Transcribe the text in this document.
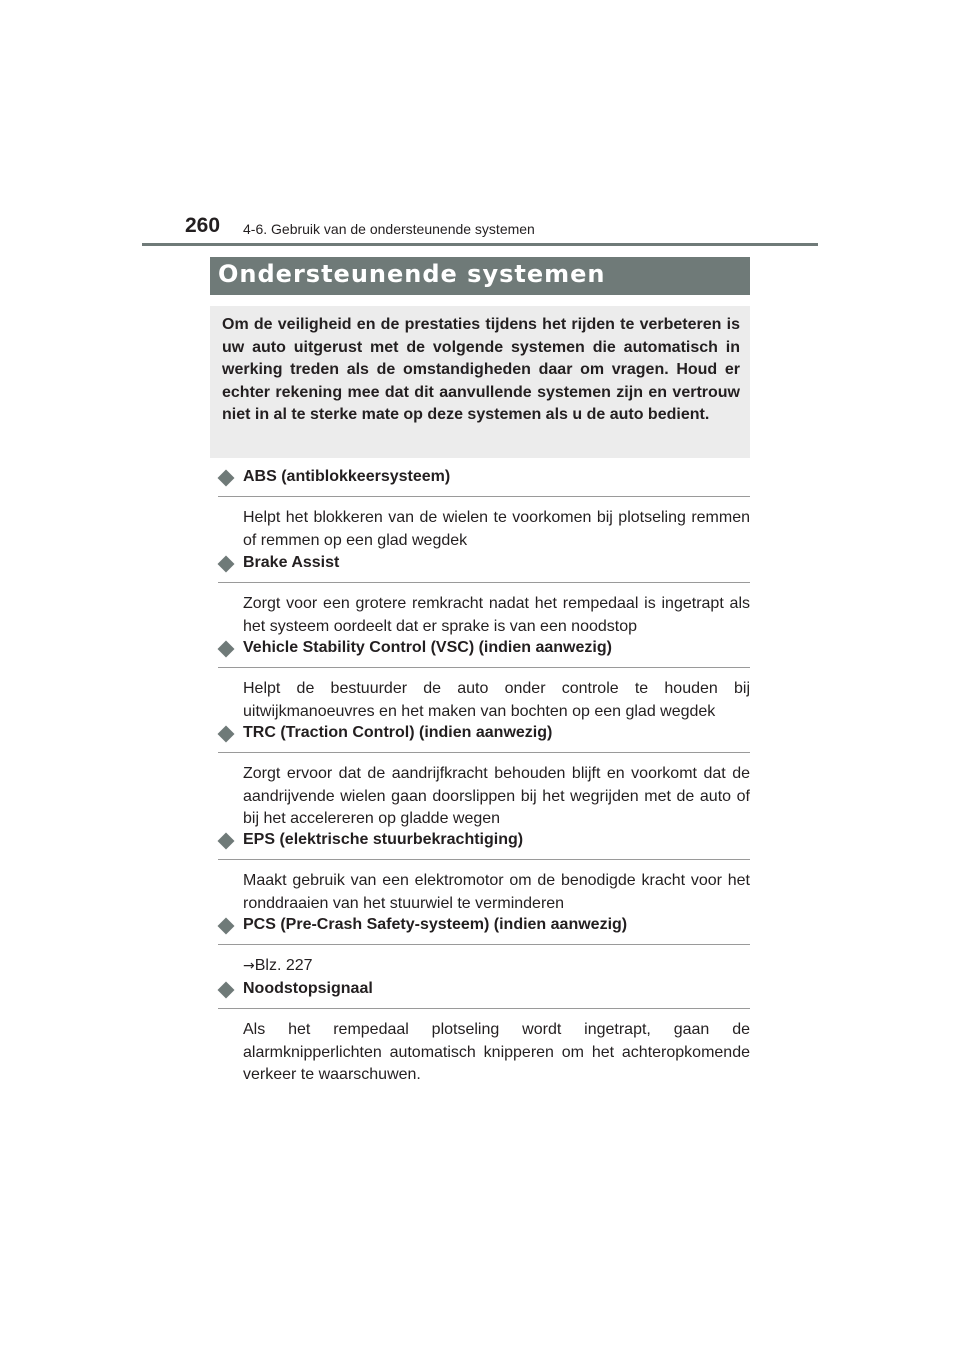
260 4-6. Gebruik van de ondersteunende systemen
Ondersteunende systemen
Om de veiligheid en de prestaties tijdens het rijden te verbeteren is uw auto uitgerust met de volgende systemen die automatisch in werking treden als de omstandigheden daar om vragen. Houd er echter rekening mee dat dit aanvullende systemen zijn en vertrouw niet in al te sterke mate op deze systemen als u de auto bedient.
ABS (antiblokkeersysteem)
Helpt het blokkeren van de wielen te voorkomen bij plotseling remmen of remmen op een glad wegdek
Brake Assist
Zorgt voor een grotere remkracht nadat het rempedaal is ingetrapt als het systeem oordeelt dat er sprake is van een noodstop
Vehicle Stability Control (VSC) (indien aanwezig)
Helpt de bestuurder de auto onder controle te houden bij uitwijkmanoeuvres en het maken van bochten op een glad wegdek
TRC (Traction Control) (indien aanwezig)
Zorgt ervoor dat de aandrijfkracht behouden blijft en voorkomt dat de aandrijvende wielen gaan doorslippen bij het wegrijden met de auto of bij het accelereren op gladde wegen
EPS (elektrische stuurbekrachtiging)
Maakt gebruik van een elektromotor om de benodigde kracht voor het ronddraaien van het stuurwiel te verminderen
PCS (Pre-Crash Safety-systeem) (indien aanwezig)
→Blz. 227
Noodstopsignaal
Als het rempedaal plotseling wordt ingetrapt, gaan de alarmknipperlichten automatisch knipperen om het achteropkomende verkeer te waarschuwen.
